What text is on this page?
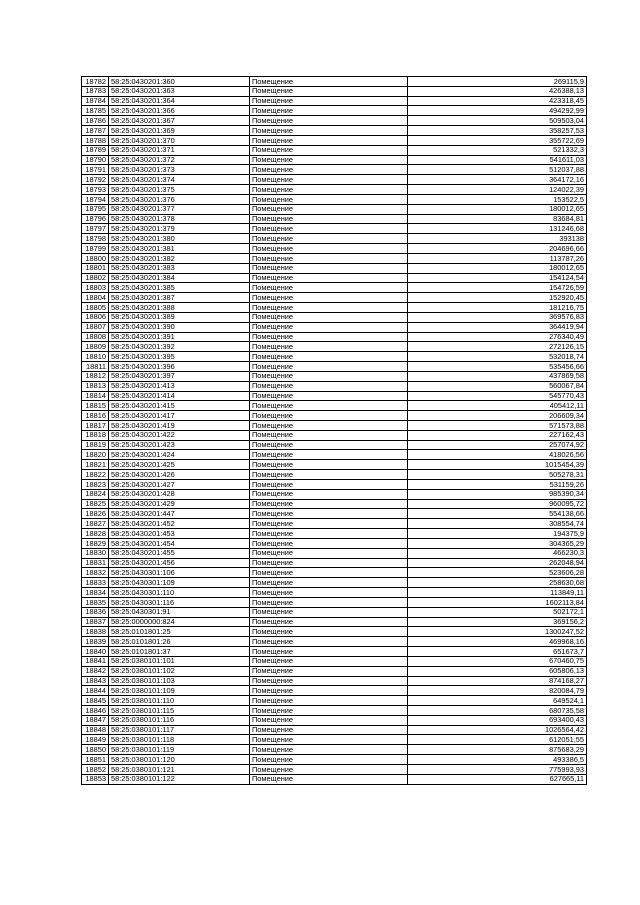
18782	58:25:0430201:360	Помещение	269115,9
18783	58:25:0430201:363	Помещение	426388,13
18784	58:25:0430201:364	Помещение	423318,45
18785	58:25:0430201:366	Помещение	494292,99
18786	58:25:0430201:367	Помещение	509503,04
18787	58:25:0430201:369	Помещение	358257,53
18788	58:25:0430201:370	Помещение	355722,69
18789	58:25:0430201:371	Помещение	521332,3
18790	58:25:0430201:372	Помещение	541611,03
18791	58:25:0430201:373	Помещение	512037,88
18792	58:25:0430201:374	Помещение	364172,16
18793	58:25:0430201:375	Помещение	124022,39
18794	58:25:0430201:376	Помещение	153522,5
18795	58:25:0430201:377	Помещение	180012,65
18796	58:25:0430201:378	Помещение	83684,81
18797	58:25:0430201:379	Помещение	131246,68
18798	58:25:0430201:380	Помещение	393138
18799	58:25:0430201:381	Помещение	204696,66
18800	58:25:0430201:382	Помещение	113787,26
18801	58:25:0430201:383	Помещение	180012,65
18802	58:25:0430201:384	Помещение	154124,54
18803	58:25:0430201:385	Помещение	154726,59
18804	58:25:0430201:387	Помещение	152920,45
18805	58:25:0430201:388	Помещение	181216,75
18806	58:25:0430201:389	Помещение	369576,83
18807	58:25:0430201:390	Помещение	364419,94
18808	58:25:0430201:391	Помещение	276340,49
18809	58:25:0430201:392	Помещение	272126,15
18810	58:25:0430201:395	Помещение	532018,74
18811	58:25:0430201:396	Помещение	535456,66
18812	58:25:0430201:397	Помещение	437869,58
18813	58:25:0430201:413	Помещение	560067,84
18814	58:25:0430201:414	Помещение	545770,43
18815	58:25:0430201:415	Помещение	405412,11
18816	58:25:0430201:417	Помещение	206609,34
18817	58:25:0430201:419	Помещение	571573,88
18818	58:25:0430201:422	Помещение	227162,43
18819	58:25:0430201:423	Помещение	257074,92
18820	58:25:0430201:424	Помещение	418026,56
18821	58:25:0430201:425	Помещение	1015454,39
18822	58:25:0430201:426	Помещение	505278,31
18823	58:25:0430201:427	Помещение	531159,26
18824	58:25:0430201:428	Помещение	985390,34
18825	58:25:0430201:429	Помещение	960095,72
18826	58:25:0430201:447	Помещение	554138,66
18827	58:25:0430201:452	Помещение	308554,74
18828	58:25:0430201:453	Помещение	194375,9
18829	58:25:0430201:454	Помещение	304365,29
18830	58:25:0430201:455	Помещение	466230,3
18831	58:25:0430201:456	Помещение	262048,94
18832	58:25:0430301:106	Помещение	523606,28
18833	58:25:0430301:109	Помещение	258630,68
18834	58:25:0430301:110	Помещение	113849,11
18835	58:25:0430301:116	Помещение	1602113,84
18836	58:25:0430301:91	Помещение	502172,1
18837	58:25:0000000:824	Помещение	369156,2
18838	58:25:0101801:25	Помещение	1300247,52
18839	58:25:0101801:26	Помещение	469968,16
18840	58:25:0101801:37	Помещение	651673,7
18841	58:25:0380101:101	Помещение	670460,75
18842	58:25:0380101:102	Помещение	605806,13
18843	58:25:0380101:103	Помещение	874168,27
18844	58:25:0380101:109	Помещение	820084,79
18845	58:25:0380101:110	Помещение	649524,1
18846	58:25:0380101:115	Помещение	680735,58
18847	58:25:0380101:116	Помещение	693400,43
18848	58:25:0380101:117	Помещение	1026564,42
18849	58:25:0380101:118	Помещение	612051,55
18850	58:25:0380101:119	Помещение	875683,29
18851	58:25:0380101:120	Помещение	493386,5
18852	58:25:0380101:121	Помещение	775993,93
18853	58:25:0380101:122	Помещение	627665,11
